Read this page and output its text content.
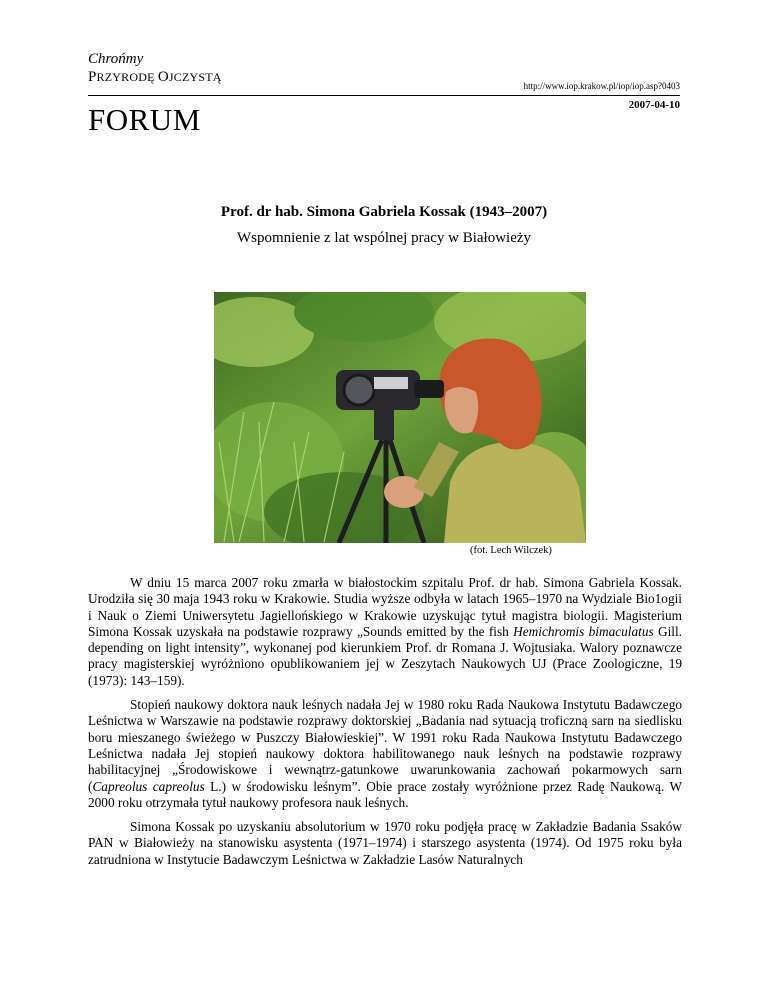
Chrońmy
PRZYRODĘ OJCZYSTĄ
http://www.iop.krakow.pl/iop/iop.asp?0403
FORUM	2007-04-10
Prof. dr hab. Simona Gabriela Kossak (1943–2007)
Wspomnienie z lat wspólnej pracy w Białowieży
(fot. Lech Wilczek)

W dniu 15 marca 2007 roku zmarła w białostockim szpitalu Prof. dr hab. Simona Gabriela Kossak. Urodziła się 30 maja 1943 roku w Krakowie. Studia wyższe odbyła w latach 1965–1970 na Wydziale Bio1ogii i Nauk o Ziemi Uniwersytetu Jagiellońskiego w Krakowie uzyskując tytuł magistra biologii. Magisterium Simona Kossak uzyskała na podstawie rozprawy „Sounds emitted by the fish Hemichromis bimaculatus Gill. depending on light intensity”, wykonanej pod kierunkiem Prof. dr Romana J. Wojtusiaka. Walory poznawcze pracy magisterskiej wyróżniono opublikowaniem jej w Zeszytach Naukowych UJ (Prace Zoologiczne, 19 (1973): 143–159).

Stopień naukowy doktora nauk leśnych nadała Jej w 1980 roku Rada Naukowa Instytutu Badawczego Leśnictwa w Warszawie na podstawie rozprawy doktorskiej „Badania nad sytuacją troficzną sarn na siedlisku boru mieszanego świeżego w Puszczy Białowieskiej”. W 1991 roku Rada Naukowa Instytutu Badawczego Leśnictwa nadała Jej stopień naukowy doktora habilitowanego nauk leśnych na podstawie rozprawy habilitacyjnej „Środowiskowe i wewnątrz-gatunkowe uwarunkowania zachowań pokarmowych sarn (Capreolus capreolus L.) w środowisku leśnym”. Obie prace zostały wyróżnione przez Radę Naukową. W 2000 roku otrzymała tytuł naukowy profesora nauk leśnych.

Simona Kossak po uzyskaniu absolutorium w 1970 roku podjęła pracę w Zakładzie Badania Ssaków PAN w Białowieży na stanowisku asystenta (1971–1974) i starszego asystenta (1974). Od 1975 roku była zatrudniona w Instytucie Badawczym Leśnictwa w Zakładzie Lasów Naturalnych
